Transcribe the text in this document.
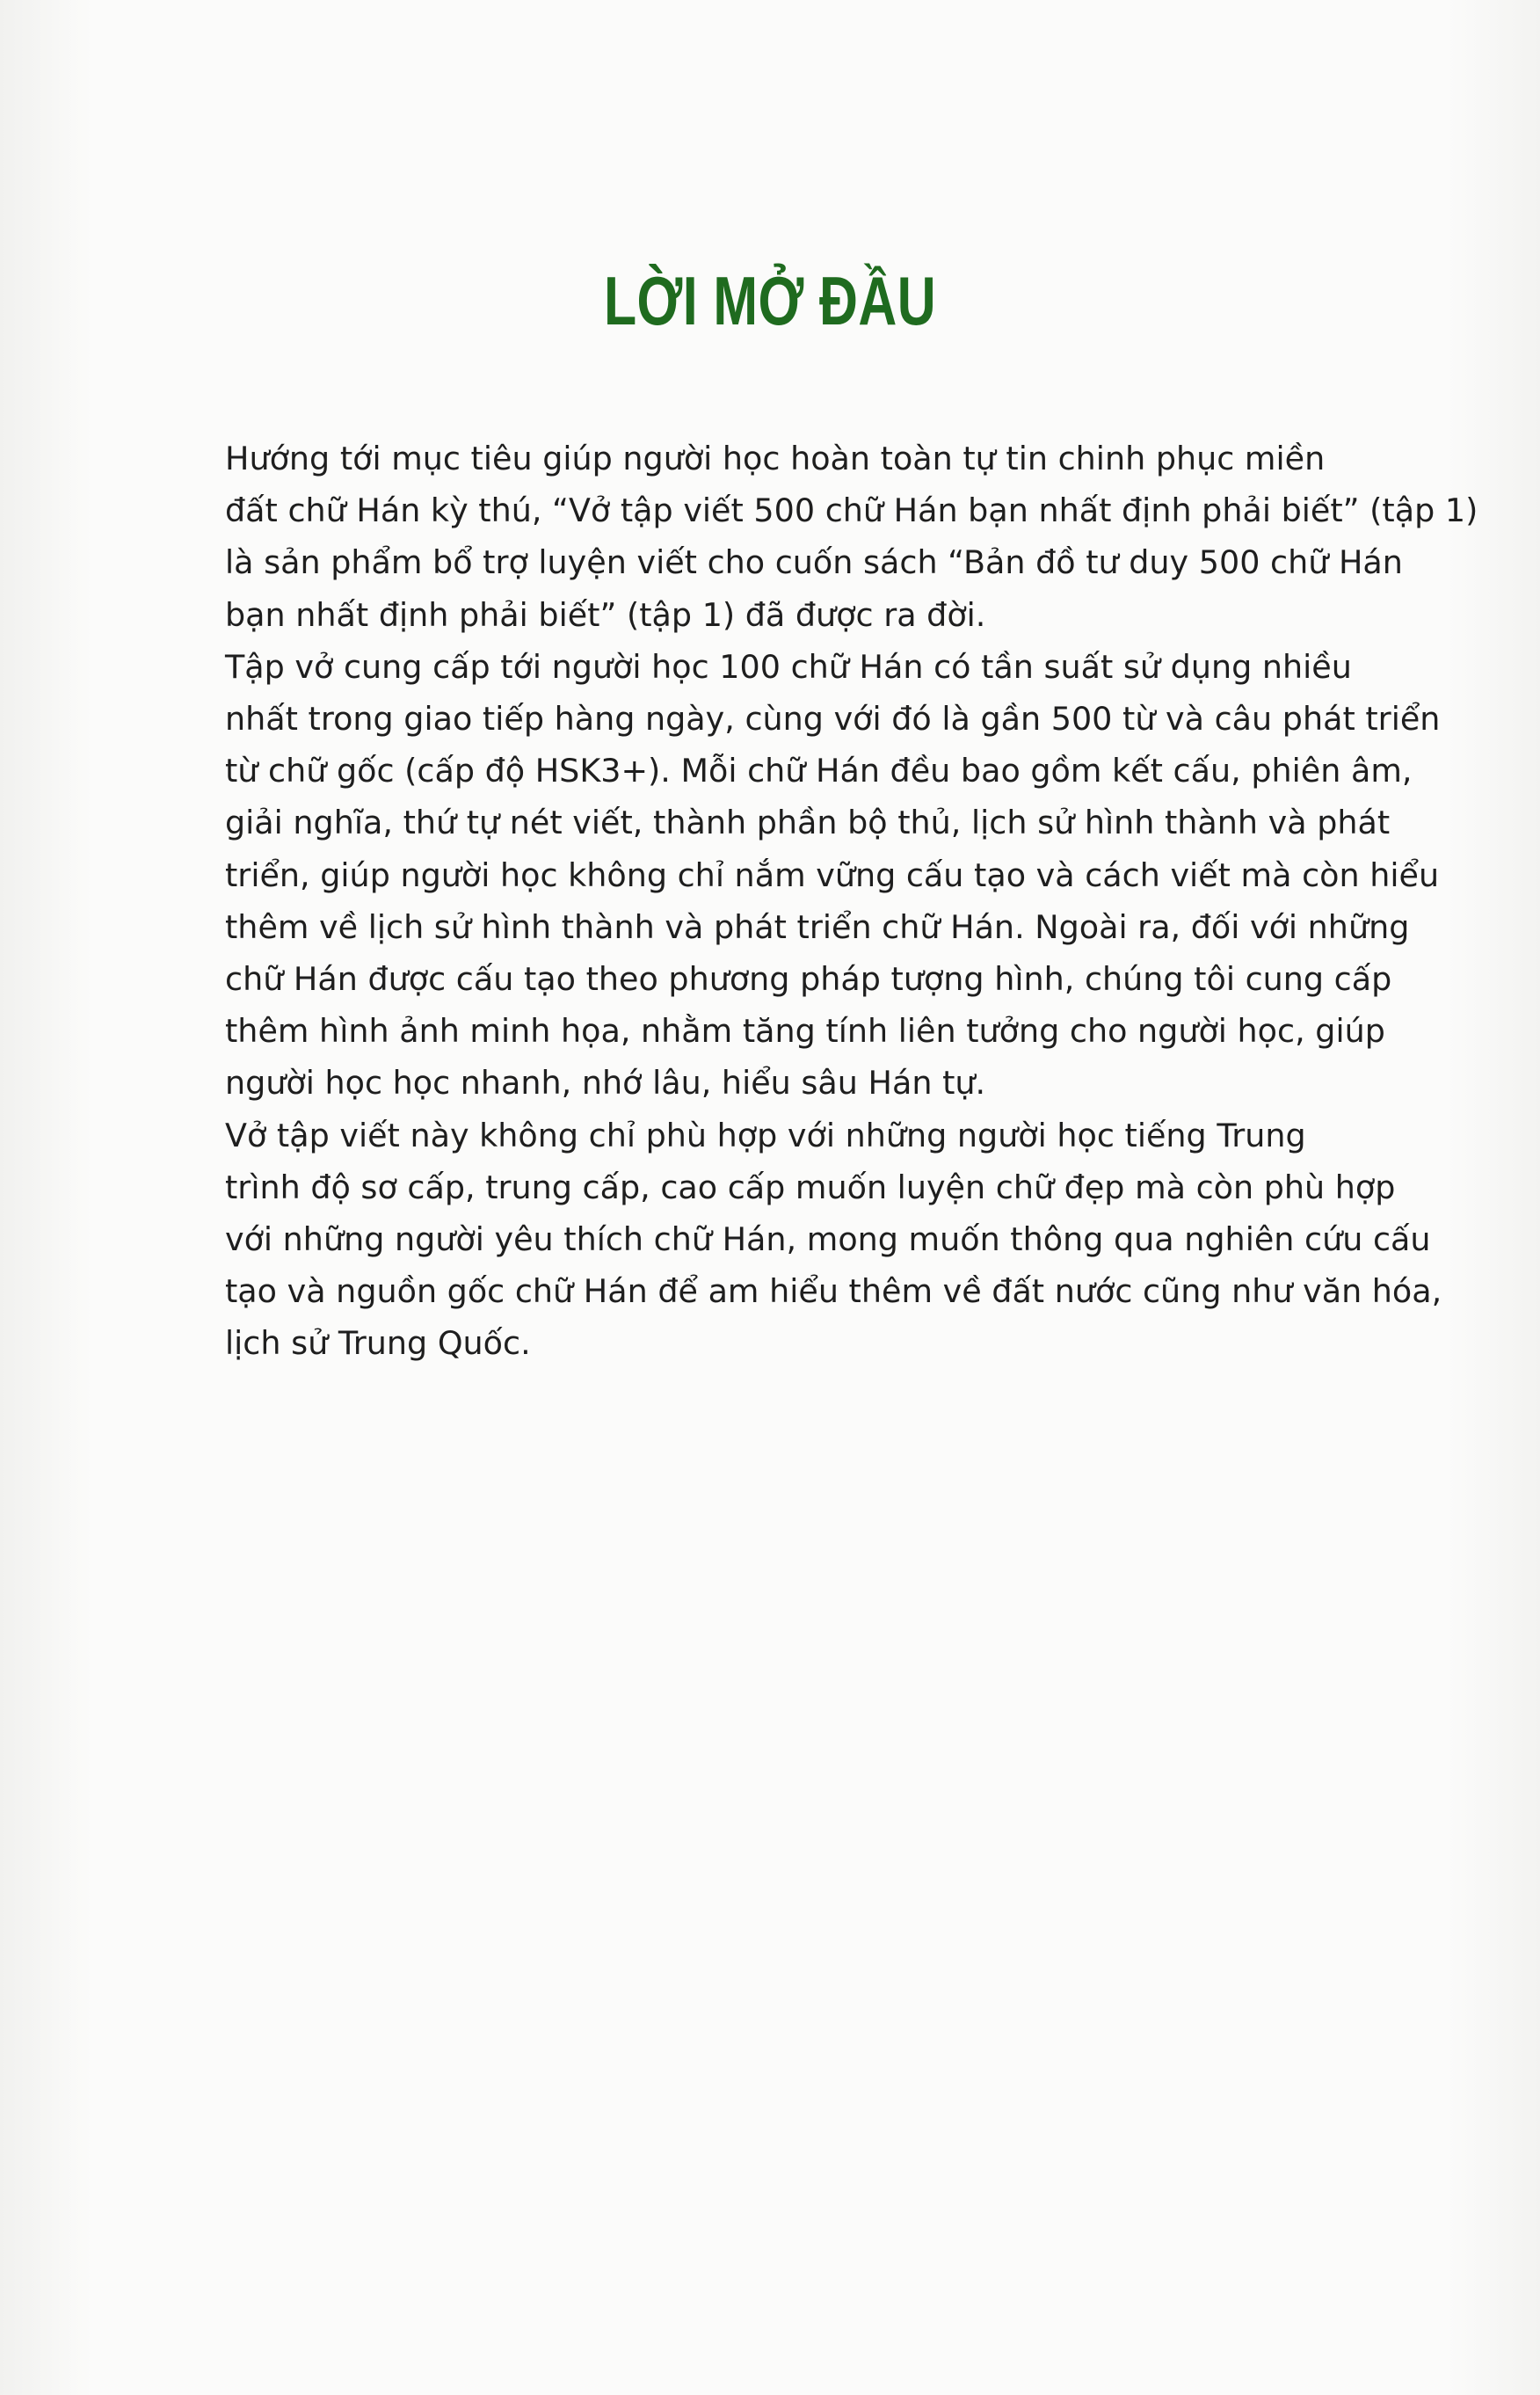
LỜI MỞ ĐẦU

Hướng tới mục tiêu giúp người học hoàn toàn tự tin chinh phục miền
đất chữ Hán kỳ thú, “Vở tập viết 500 chữ Hán bạn nhất định phải biết” (tập 1)
là sản phẩm bổ trợ luyện viết cho cuốn sách “Bản đồ tư duy 500 chữ Hán
bạn nhất định phải biết” (tập 1) đã được ra đời.

Tập vở cung cấp tới người học 100 chữ Hán có tần suất sử dụng nhiều
nhất trong giao tiếp hàng ngày, cùng với đó là gần 500 từ và câu phát triển
từ chữ gốc (cấp độ HSK3+). Mỗi chữ Hán đều bao gồm kết cấu, phiên âm,
giải nghĩa, thứ tự nét viết, thành phần bộ thủ, lịch sử hình thành và phát
triển, giúp người học không chỉ nắm vững cấu tạo và cách viết mà còn hiểu
thêm về lịch sử hình thành và phát triển chữ Hán. Ngoài ra, đối với những
chữ Hán được cấu tạo theo phương pháp tượng hình, chúng tôi cung cấp
thêm hình ảnh minh họa, nhằm tăng tính liên tưởng cho người học, giúp
người học học nhanh, nhớ lâu, hiểu sâu Hán tự.

Vở tập viết này không chỉ phù hợp với những người học tiếng Trung
trình độ sơ cấp, trung cấp, cao cấp muốn luyện chữ đẹp mà còn phù hợp
với những người yêu thích chữ Hán, mong muốn thông qua nghiên cứu cấu
tạo và nguồn gốc chữ Hán để am hiểu thêm về đất nước cũng như văn hóa,
lịch sử Trung Quốc.
